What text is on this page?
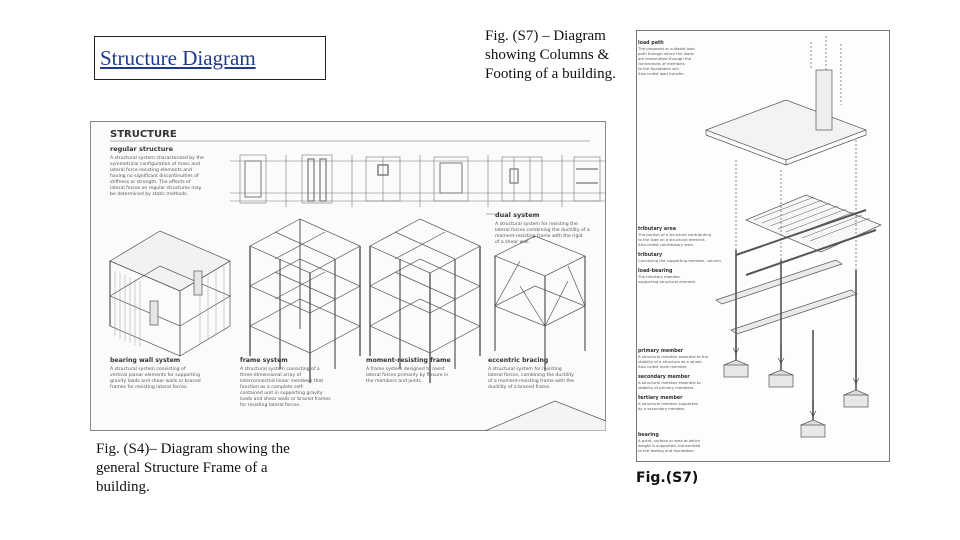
Structure Diagram
Fig. (S7) – Diagram showing Columns & Footing of a building.
Fig. (S4)– Diagram showing the general Structure Frame of a building.
Fig.(S7)
STRUCTURE
regular structure
A structural system characterized by the
symmetrical configuration of mass and
lateral force-resisting elements and
having no significant discontinuities of
stiffness or strength. The effects of
lateral forces on regular structures may
be determined by static methods.
dual system
A structural system for resisting the
lateral forces combining the ductility of a
moment-resisting frame with the rigid
of a shear wall.
bearing wall system
A structural system consisting of
vertical planar elements for supporting
gravity loads and shear walls or braced
frames for resisting lateral forces.
frame system
A structural system consisting of a
three-dimensional array of
interconnected linear members that
function as a complete self-
contained unit in supporting gravity
loads and shear walls or braced frames
for resisting lateral forces.
moment-resisting frame
A frame system designed to resist
lateral forces primarily by flexure in
the members and joints.
eccentric bracing
A structural system for resisting
lateral forces, combining the ductility
of a moment-resisting frame with the
ductility of a braced frame.
load path
The proposed or suitable load
path through which the loads
are transmitted through the
connections of members
to the foundation soil.
Also called load transfer.
tributary area
The portion of a structure contributing
to the load on a structural element.
Also called contributory area.
tributary
Conveying the supporting member, column.
load-bearing
The tributary member
supporting structural element.
primary member
A structural member essential to the
stability of a structure as a whole.
Also called main member.
secondary member
A structural member essential to
stability of primary members.
tertiary member
A structural member supported
by a secondary member.
bearing
A point, surface or area at which
weight is supported, transmitted
to the footing and foundation.
